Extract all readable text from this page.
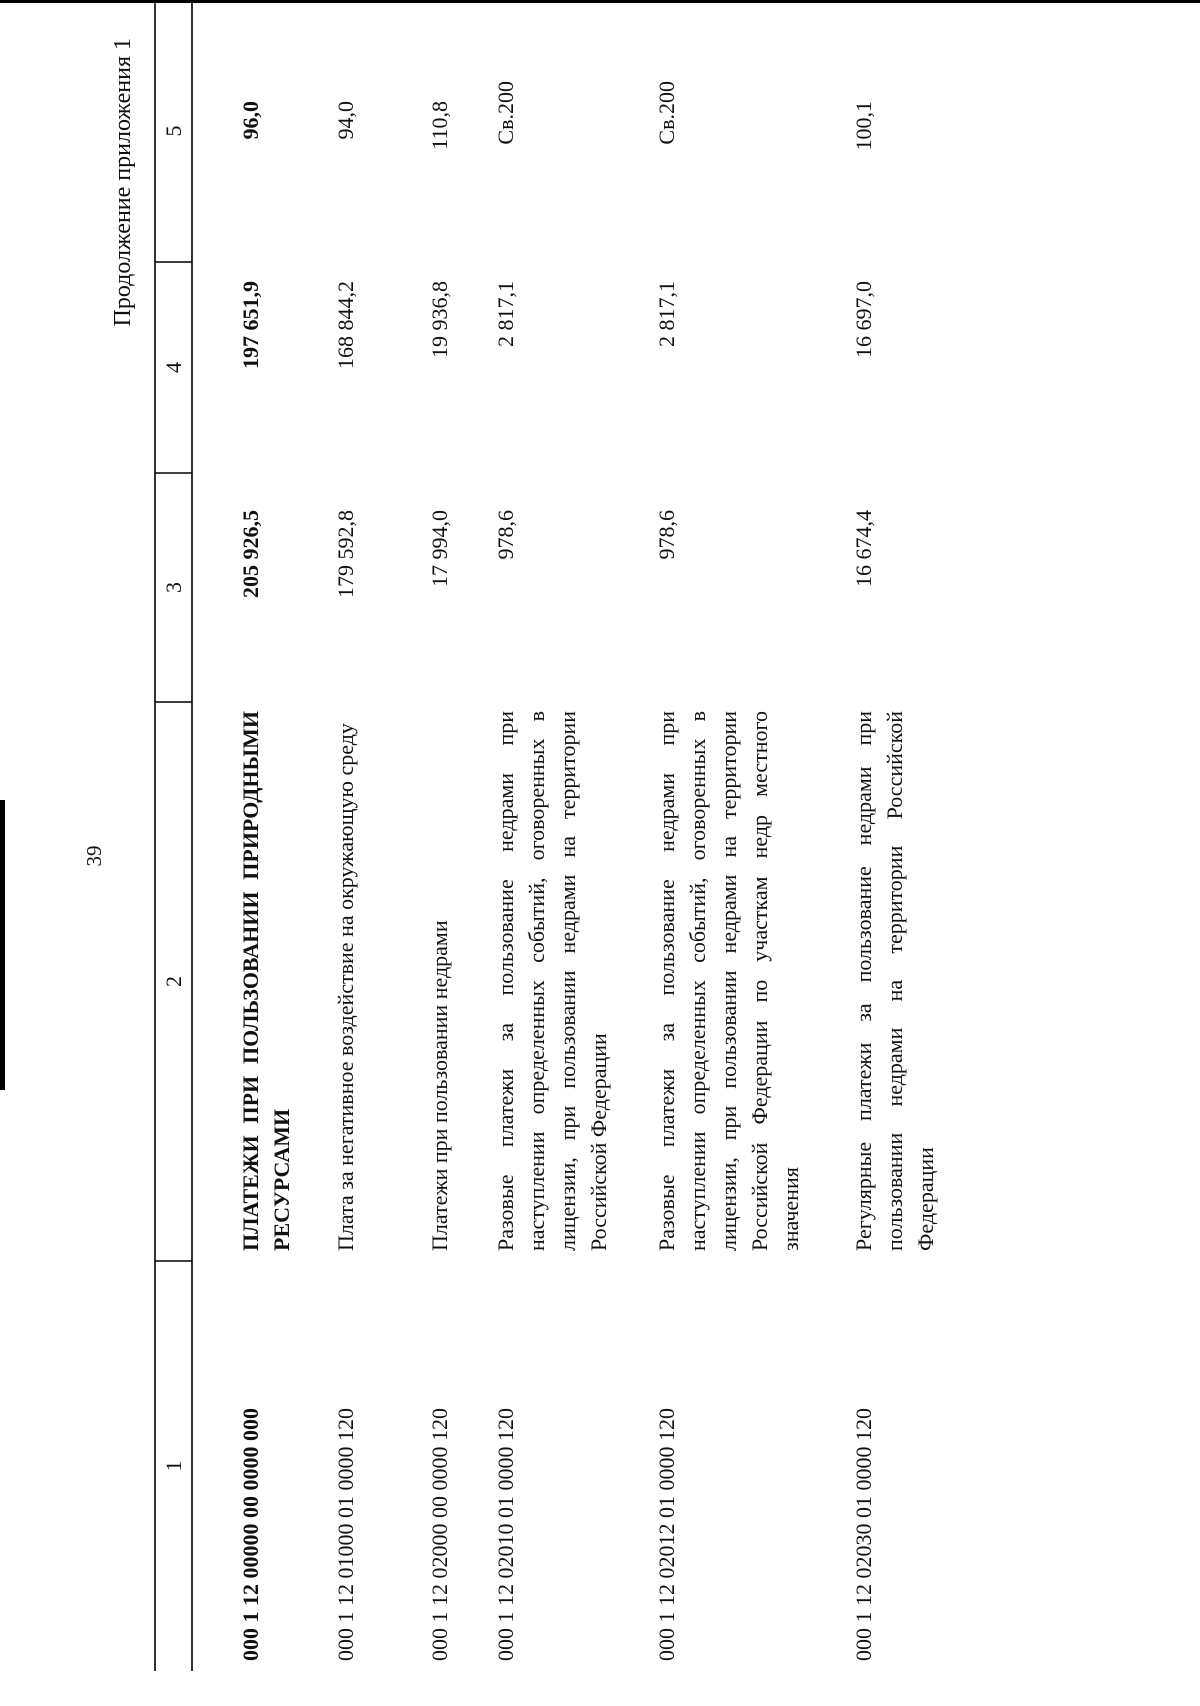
39
Продолжение приложения 1
1
2
3
4
5
000 1 12 00000 00 0000 000
ПЛАТЕЖИ ПРИ ПОЛЬЗОВАНИИ ПРИРОДНЫМИ РЕСУРСАМИ
205 926,5
197 651,9
96,0
000 1 12 01000 01 0000 120
Плата за негативное воздействие на окружающую среду
179 592,8
168 844,2
94,0
000 1 12 02000 00 0000 120
Платежи при пользовании недрами
17 994,0
19 936,8
110,8
000 1 12 02010 01 0000 120
Разовые платежи за пользование недрами при наступлении определенных событий, оговоренных в лицензии, при пользовании недрами на территории Российской Федерации
978,6
2 817,1
Св.200
000 1 12 02012 01 0000 120
Разовые платежи за пользование недрами при наступлении определенных событий, оговоренных в лицензии, при пользовании недрами на территории Российской Федерации по участкам недр местного значения
978,6
2 817,1
Св.200
000 1 12 02030 01 0000 120
Регулярные платежи за пользование недрами при пользовании недрами на территории Российской Федерации
16 674,4
16 697,0
100,1
